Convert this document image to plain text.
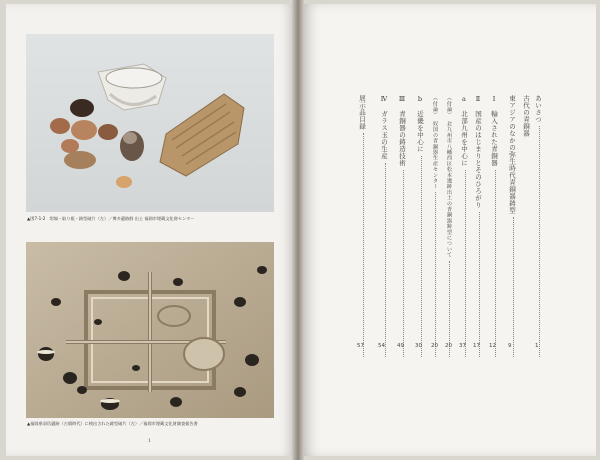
▲図7-1-2　坩堝・取り瓶・鋳型破片（左）／博多遺跡群 出土 福岡市埋蔵文化財センター
▲福岡県須玖遺跡（古墳時代）に検出された鋳型破片（左）／福岡市埋蔵文化財調査報告書
1
あいさつ
古代の青銅器
東アジアのなかの弥生時代青銅器鋳型
Ⅰ　輸入された青銅器
Ⅱ　国産のはじまりとそのひろがり
a　北部九州を中心に
（付論）　北九州市八幡西区松本遺跡出土の青銅器鋳型について
（付論）　奴国の青銅器生産センター
b　近畿を中心に
Ⅲ　青銅器の鋳造技術
Ⅳ　ガラス玉の生産
展示品目録
1
9
12
17
37
20
20
30
49
54
57
